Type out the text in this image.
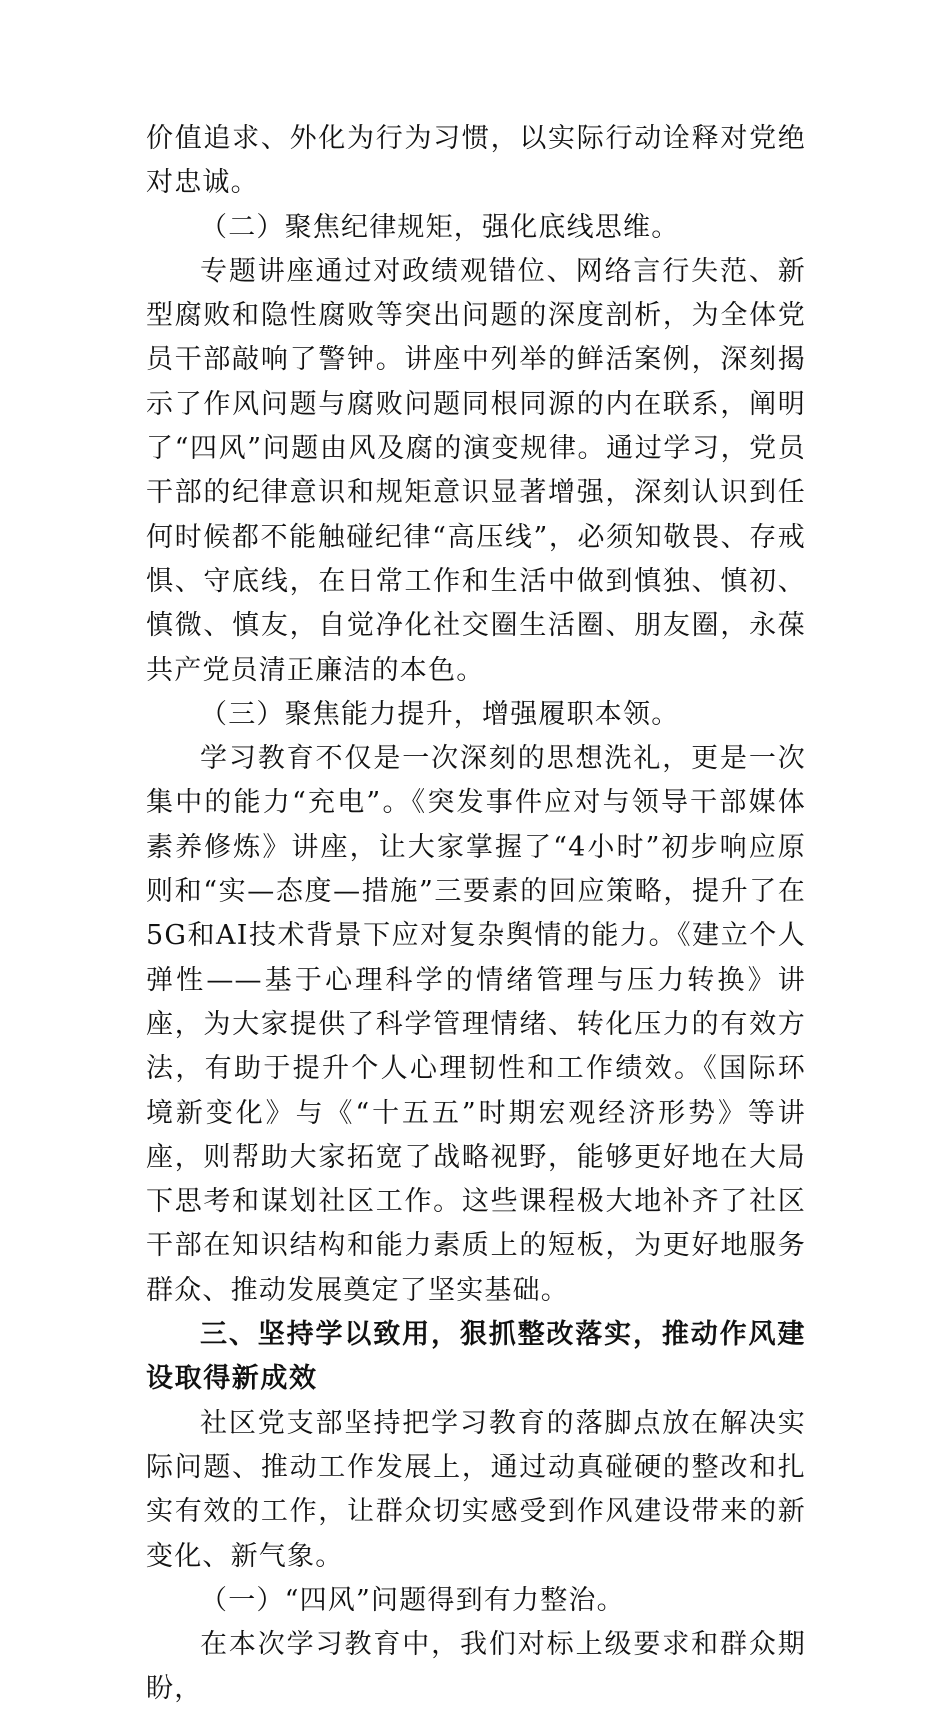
价值追求、外化为行为习惯，以实际行动诠释对党绝对忠诚。

（二）聚焦纪律规矩，强化底线思维。

专题讲座通过对政绩观错位、网络言行失范、新型腐败和隐性腐败等突出问题的深度剖析，为全体党员干部敲响了警钟。讲座中列举的鲜活案例，深刻揭示了作风问题与腐败问题同根同源的内在联系，阐明了“四风”问题由风及腐的演变规律。通过学习，党员干部的纪律意识和规矩意识显著增强，深刻认识到任何时候都不能触碰纪律“高压线”，必须知敬畏、存戒惧、守底线，在日常工作和生活中做到慎独、慎初、慎微、慎友，自觉净化社交圈生活圈、朋友圈，永葆共产党员清正廉洁的本色。

（三）聚焦能力提升，增强履职本领。

学习教育不仅是一次深刻的思想洗礼，更是一次集中的能力“充电”。《突发事件应对与领导干部媒体素养修炼》讲座，让大家掌握了“4小时”初步响应原则和“实—态度—措施”三要素的回应策略，提升了在5G和AI技术背景下应对复杂舆情的能力。《建立个人弹性——基于心理科学的情绪管理与压力转换》讲座，为大家提供了科学管理情绪、转化压力的有效方法，有助于提升个人心理韧性和工作绩效。《国际环境新变化》与《“十五五”时期宏观经济形势》等讲座，则帮助大家拓宽了战略视野，能够更好地在大局下思考和谋划社区工作。这些课程极大地补齐了社区干部在知识结构和能力素质上的短板，为更好地服务群众、推动发展奠定了坚实基础。

三、坚持学以致用，狠抓整改落实，推动作风建设取得新成效

社区党支部坚持把学习教育的落脚点放在解决实际问题、推动工作发展上，通过动真碰硬的整改和扎实有效的工作，让群众切实感受到作风建设带来的新变化、新气象。

（一）“四风”问题得到有力整治。

在本次学习教育中，我们对标上级要求和群众期盼，
